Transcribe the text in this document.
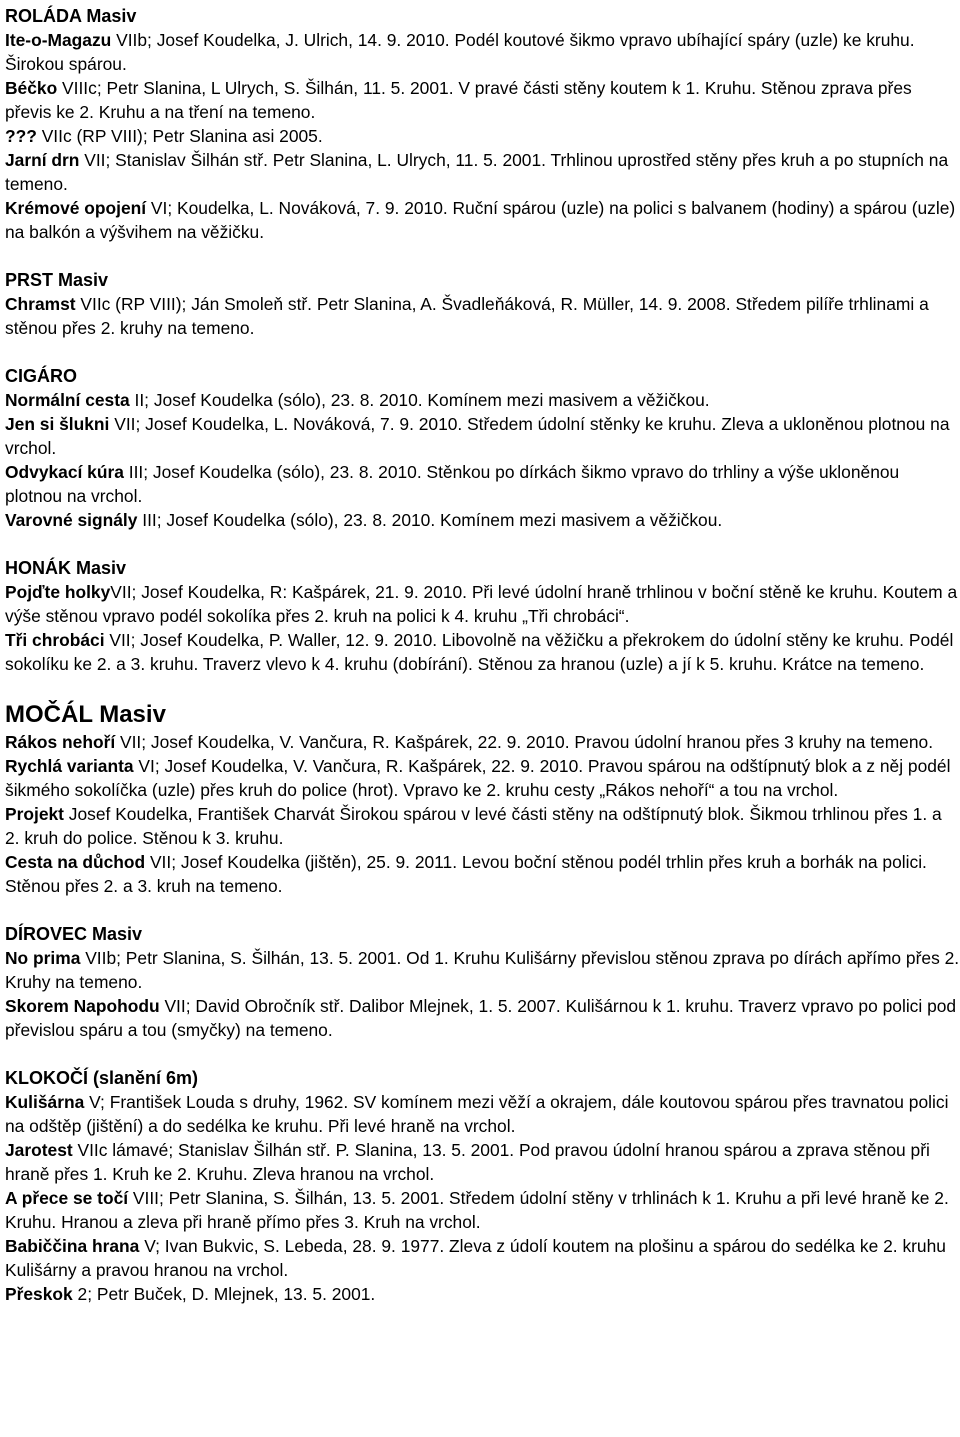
ROLÁDA Masiv
Ite-o-Magazu VIIb; Josef Koudelka, J. Ulrich, 14. 9. 2010. Podél koutové šikmo vpravo ubíhající spáry (uzle) ke kruhu. Širokou spárou.
Béčko VIIIc; Petr Slanina, L Ulrych, S. Šilhán, 11. 5. 2001. V pravé části stěny koutem k 1. Kruhu. Stěnou zprava přes převis ke 2. Kruhu a na tření na temeno.
??? VIIc (RP VIII); Petr Slanina asi 2005.
Jarní drn VII; Stanislav Šilhán stř. Petr Slanina, L. Ulrych, 11. 5. 2001. Trhlinou uprostřed stěny přes kruh a po stupních na temeno.
Krémové opojení VI; Koudelka, L. Nováková, 7. 9. 2010. Ruční spárou (uzle) na polici s balvanem (hodiny) a spárou (uzle) na balkón a výšvihem na věžičku.
PRST Masiv
Chramst VIIc (RP VIII); Ján Smoleň stř. Petr Slanina, A. Švadleňáková, R. Müller, 14. 9. 2008. Středem pilíře trhlinami a stěnou přes 2. kruhy na temeno.
CIGÁRO
Normální cesta II; Josef Koudelka (sólo), 23. 8. 2010. Komínem mezi masivem a věžičkou.
Jen si šlukni VII; Josef Koudelka, L. Nováková, 7. 9. 2010. Středem údolní stěnky ke kruhu. Zleva a ukloněnou plotnou na vrchol.
Odvykací kúra III; Josef Koudelka (sólo), 23. 8. 2010. Stěnkou po dírkách šikmo vpravo do trhliny a výše ukloněnou plotnou na vrchol.
Varovné signály III; Josef Koudelka (sólo), 23. 8. 2010. Komínem mezi masivem a věžičkou.
HONÁK Masiv
Pojďte holkyVII; Josef Koudelka, R: Kašpárek, 21. 9. 2010. Při levé údolní hraně trhlinou v boční stěně ke kruhu. Koutem a výše stěnou vpravo podél sokolíka přes 2. kruh na polici k 4. kruhu „Tři chrobáci“.
Tři chrobáci VII; Josef Koudelka, P. Waller, 12. 9. 2010. Libovolně na věžičku a překrokem do údolní stěny ke kruhu. Podél sokolíku ke 2. a 3. kruhu. Traverz vlevo k 4. kruhu (dobírání). Stěnou za hranou (uzle) a jí k 5. kruhu. Krátce na temeno.
MOČÁL Masiv
Rákos nehoří VII; Josef Koudelka, V. Vančura, R. Kašpárek, 22. 9. 2010. Pravou údolní hranou přes 3 kruhy na temeno.
Rychlá varianta VI; Josef Koudelka, V. Vančura, R. Kašpárek, 22. 9. 2010. Pravou spárou na odštípnutý blok a z něj podél šikmého sokolíčka (uzle) přes kruh do police (hrot). Vpravo ke 2. kruhu cesty „Rákos nehoří“ a tou na vrchol.
Projekt Josef Koudelka, František Charvát Širokou spárou v levé části stěny na odštípnutý blok. Šikmou trhlinou přes 1. a 2. kruh do police. Stěnou k 3. kruhu.
Cesta na důchod VII; Josef Koudelka (jištěn), 25. 9. 2011. Levou boční stěnou podél trhlin přes kruh a borhák na polici. Stěnou přes 2. a 3. kruh na temeno.
DÍROVEC Masiv
No prima VIIb; Petr Slanina, S. Šilhán, 13. 5. 2001. Od 1. Kruhu Kulišárny převislou stěnou zprava po dírách apřímo přes 2. Kruhy na temeno.
Skorem Napohodu VII; David Obročník stř. Dalibor Mlejnek, 1. 5. 2007. Kulišárnou k 1. kruhu. Traverz vpravo po polici pod převislou spáru a tou (smyčky) na temeno.
KLOKOČÍ (slanění 6m)
Kulišárna V; František Louda s druhy, 1962. SV komínem mezi věží a okrajem, dále koutovou spárou přes travnatou polici na odštěp (jištění) a do sedélka ke kruhu. Při levé hraně na vrchol.
Jarotest VIIc lámavé; Stanislav Šilhán stř. P. Slanina, 13. 5. 2001. Pod pravou údolní hranou spárou a zprava stěnou při hraně přes 1. Kruh ke 2. Kruhu. Zleva hranou na vrchol.
A přece se točí VIII; Petr Slanina, S. Šilhán, 13. 5. 2001. Středem údolní stěny v trhlinách k 1. Kruhu a při levé hraně ke 2. Kruhu. Hranou a zleva při hraně přímo přes 3. Kruh na vrchol.
Babiččina hrana V; Ivan Bukvic, S. Lebeda, 28. 9. 1977. Zleva z údolí koutem na plošinu a spárou do sedélka ke 2. kruhu Kulišárny a pravou hranou na vrchol.
Přeskok 2; Petr Buček, D. Mlejnek, 13. 5. 2001.
